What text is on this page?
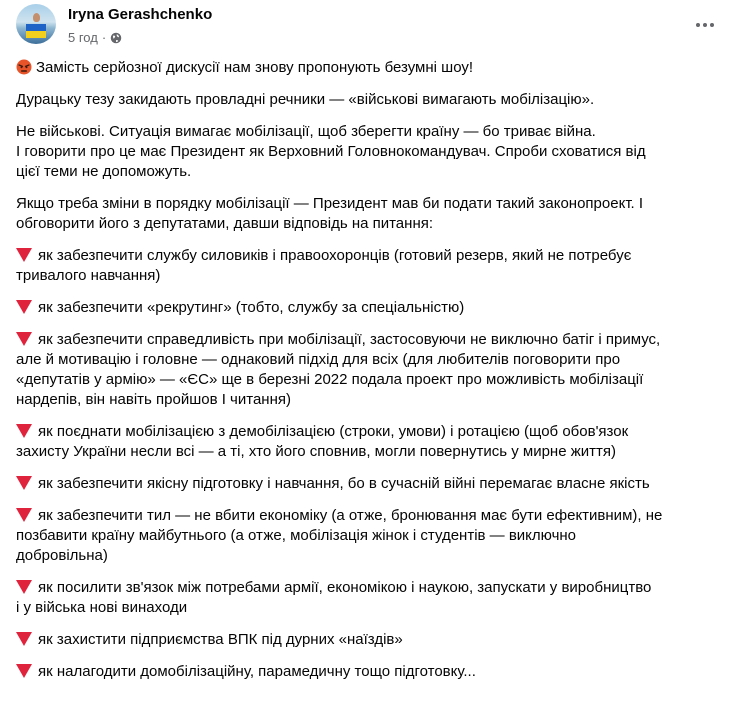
Iryna Gerashchenko
5 год ·
Замість серйозної дискусії нам знову пропонують безумні шоу!
Дурацьку тезу закидають провладні речники — «військові вимагають мобілізацію».
Не військові. Ситуація вимагає мобілізації, щоб зберегти країну — бо триває війна.
І говорити про це має Президент як Верховний Головнокомандувач. Спроби сховатися від
цієї теми не допоможуть.
Якщо треба зміни в порядку мобілізації — Президент мав би подати такий законопроект. І
обговорити його з депутатами, давши відповідь на питання:
як забезпечити службу силовиків і правоохоронців (готовий резерв, який не потребує
тривалого навчання)
як забезпечити «рекрутинг» (тобто, службу за спеціальністю)
як забезпечити справедливість при мобілізації, застосовуючи не виключно батіг і примус,
але й мотивацію і головне — однаковий підхід для всіх (для любителів поговорити про
«депутатів у армію» — «ЄС» ще в березні 2022 подала проект про можливість мобілізації
нардепів, він навіть пройшов І читання)
як поєднати мобілізацією з демобілізацією (строки, умови) і ротацією (щоб обов'язок
захисту України несли всі — а ті, хто його сповнив, могли повернутись у мирне життя)
як забезпечити якісну підготовку і навчання, бо в сучасній війні перемагає власне якість
як забезпечити тил — не вбити економіку (а отже, бронювання має бути ефективним), не
позбавити країну майбутнього (а отже, мобілізація жінок і студентів — виключно
добровільна)
як посилити зв'язок між потребами армії, економікою і наукою, запускати у виробництво
і у війська нові винаходи
як захистити підприємства ВПК під дурних «наїздів»
як налагодити домобілізаційну, парамедичну тощо підготовку...
